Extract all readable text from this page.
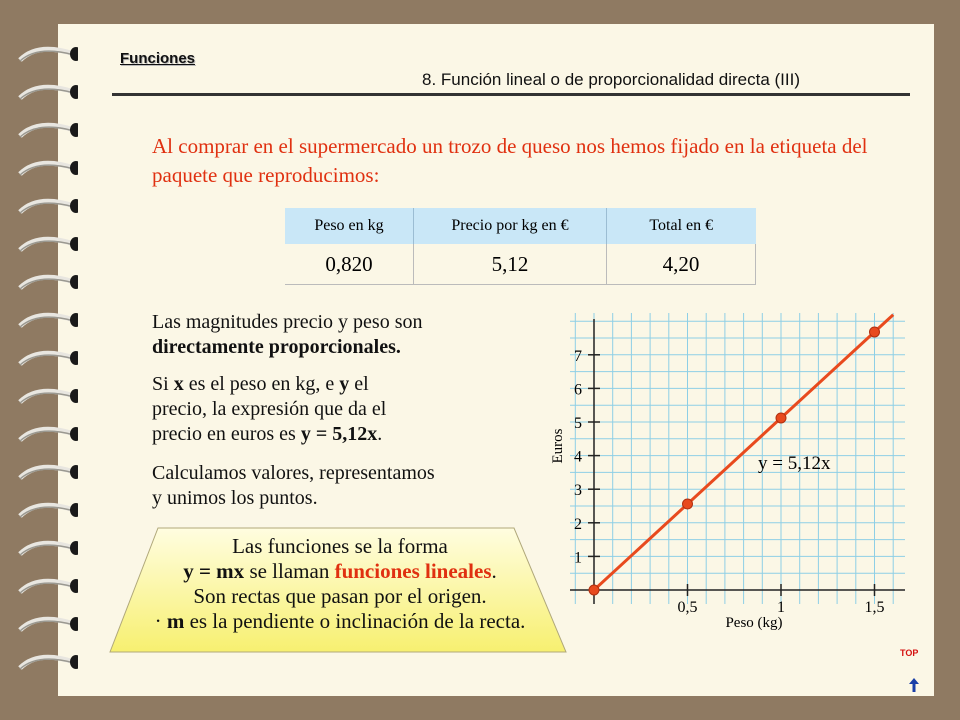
Funciones
8. Función lineal o de proporcionalidad directa (III)
Al comprar en el supermercado un trozo de queso nos hemos fijado en la etiqueta del paquete que reproducimos:
Peso en kg	Precio por kg en €	Total en €
0,820	5,12	4,20
Las magnitudes precio y peso son
directamente proporcionales.
Si x es el peso en kg, e y el
precio, la expresión que da el
precio en euros es y = 5,12x.
Calculamos valores, representamos
y unimos los puntos.
Las funciones se la forma
y = mx se llaman funciones lineales.
Son rectas que pasan por el origen.
· m es la pendiente o inclinación de la recta.
1
2
3
4
5
6
7
0,5	1	1,5
Peso (kg)
Euros	y = 5,12x
TOP
